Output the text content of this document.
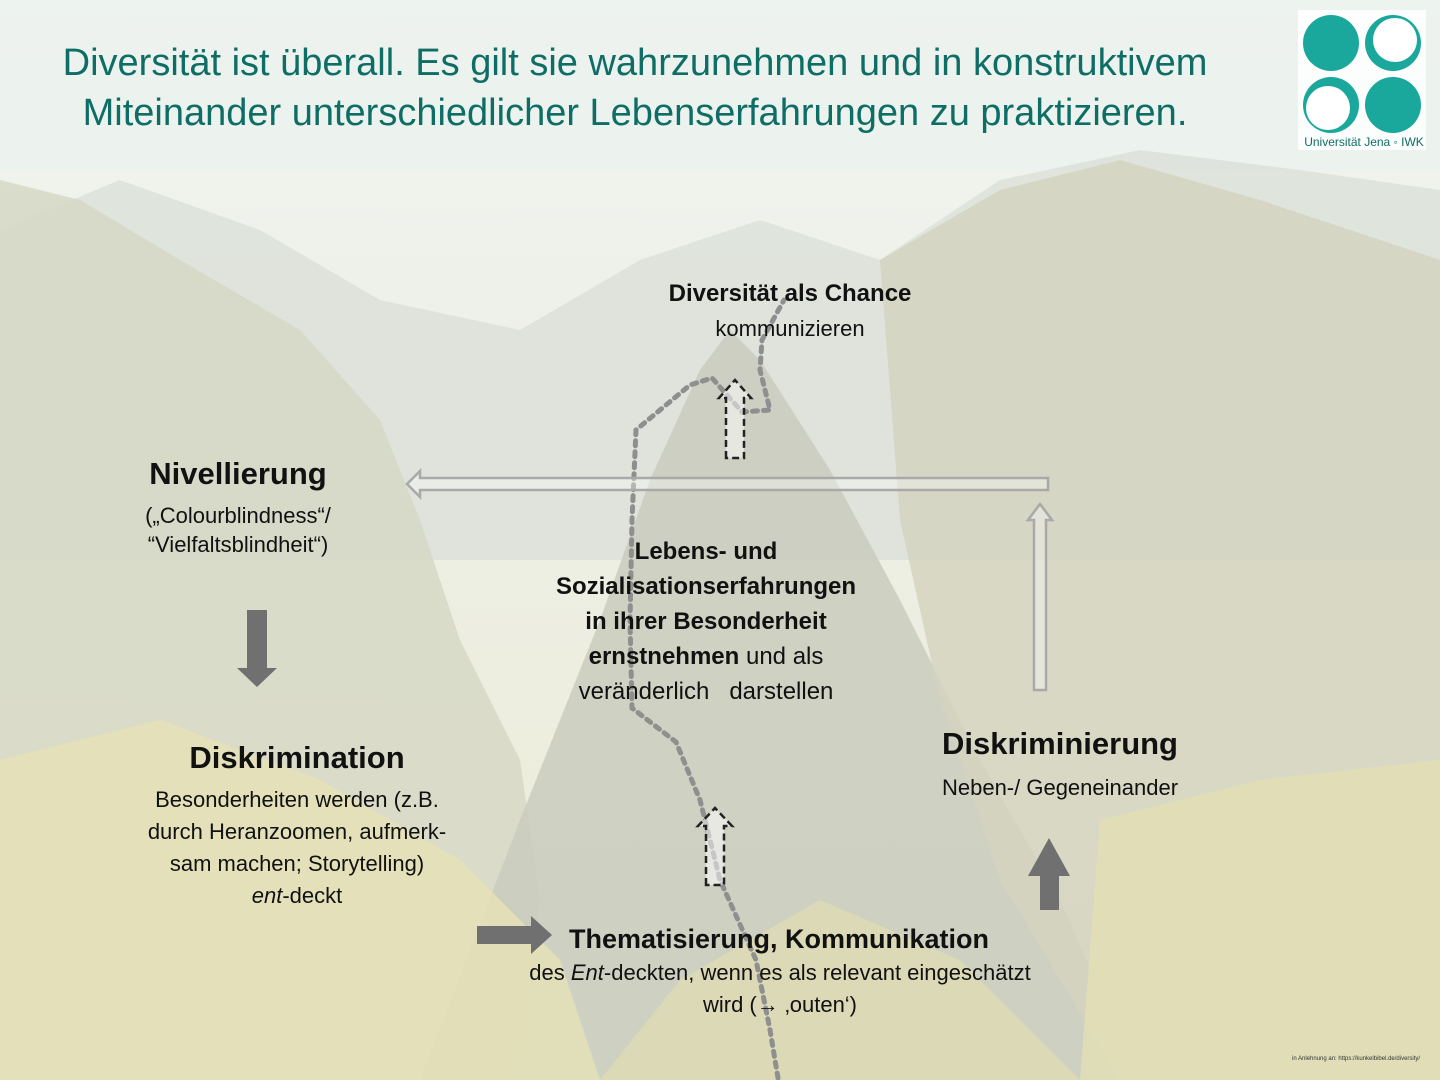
Diversität ist überall. Es gilt sie wahrzunehmen und in konstruktivem
Miteinander unterschiedlicher Lebenserfahrungen zu praktizieren.
Universität Jena ◦ IWK
Diversität als Chance
kommunizieren
Nivellierung
(„Colourblindness“/
“Vielfaltsblindheit“)	Lebens- und
Sozialisationserfahrungen
in ihrer Besonderheit
ernstnehmen und als
veränderlich   darstellen
Diskrimination
Besonderheiten werden (z.B.
durch Heranzoomen, aufmerk-
sam machen; Storytelling)
ent-deckt
Diskriminierung
Neben-/ Gegeneinander
Thematisierung, Kommunikation
des Ent-deckten, wenn es als relevant eingeschätzt
wird (→ ‚outen‘)
in Anlehnung an: https://kunkelbibel.de/diversity/
